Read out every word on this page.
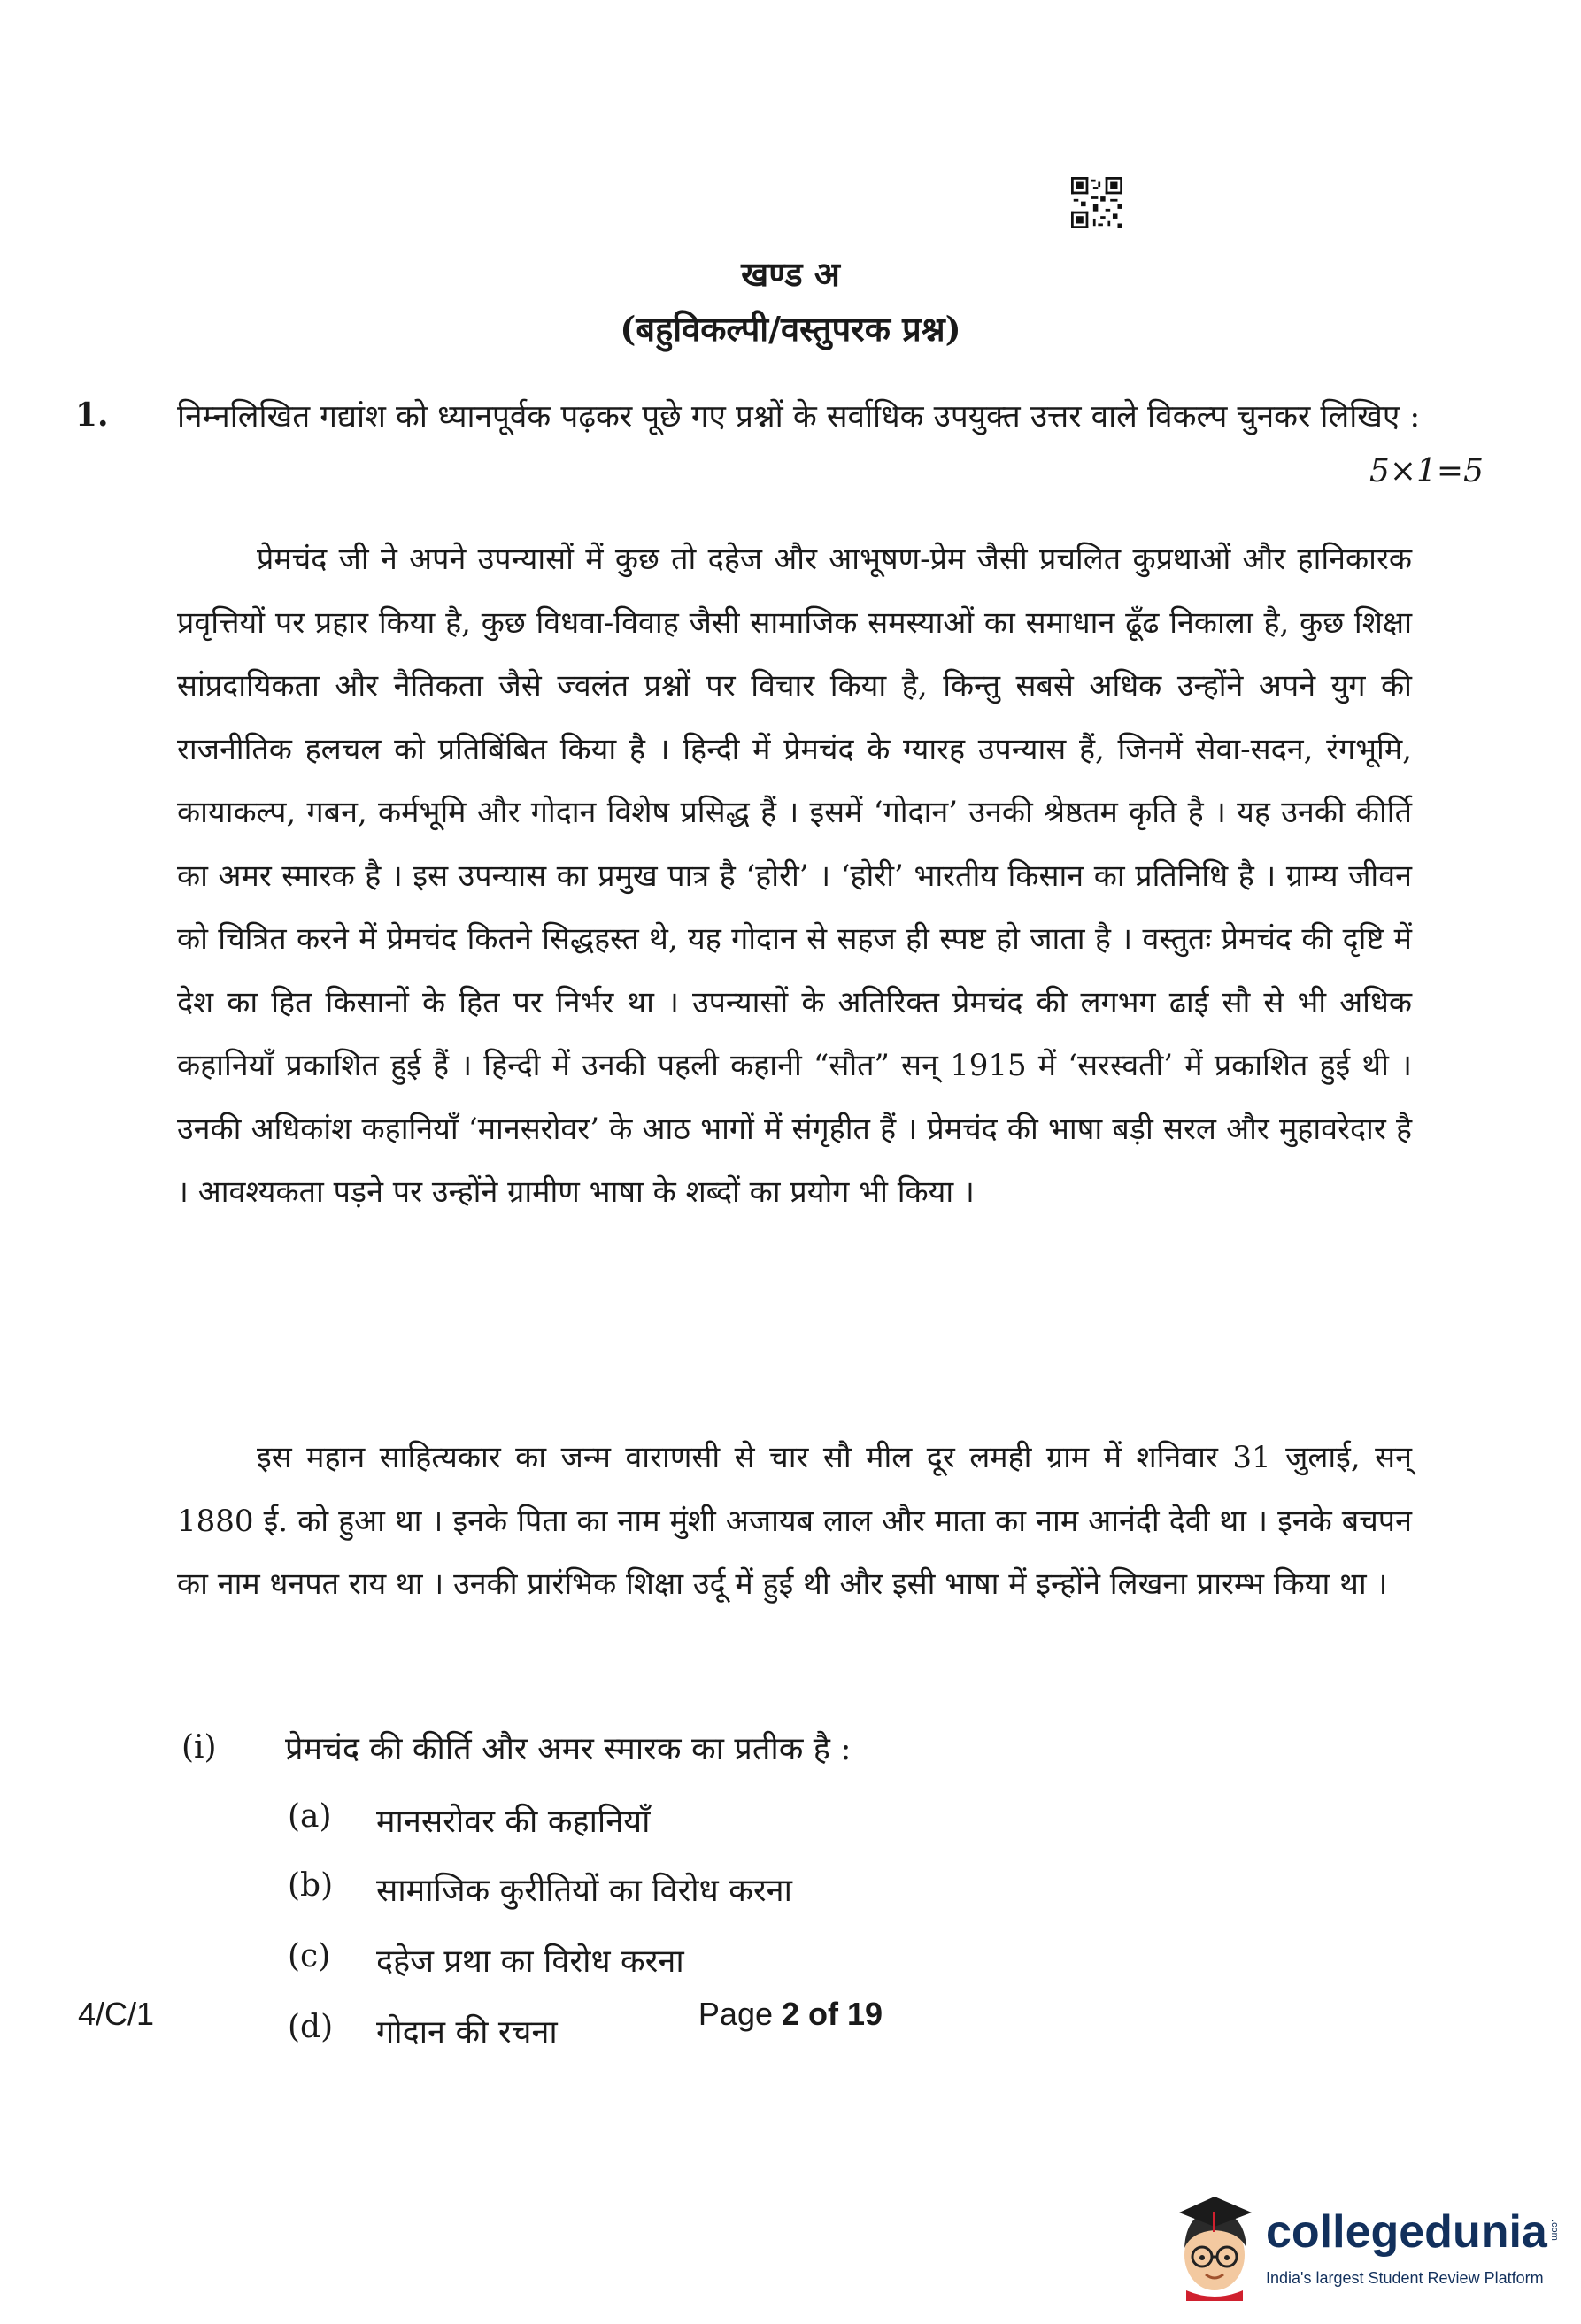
खण्ड अ
(बहुविकल्पी/वस्तुपरक प्रश्न)
1. निम्नलिखित गद्यांश को ध्यानपूर्वक पढ़कर पूछे गए प्रश्नों के सर्वाधिक उपयुक्त उत्तर वाले विकल्प चुनकर लिखिए :
5×1=5

प्रेमचंद जी ने अपने उपन्यासों में कुछ तो दहेज और आभूषण-प्रेम जैसी प्रचलित कुप्रथाओं और हानिकारक प्रवृत्तियों पर प्रहार किया है, कुछ विधवा-विवाह जैसी सामाजिक समस्याओं का समाधान ढूँढ निकाला है, कुछ शिक्षा सांप्रदायिकता और नैतिकता जैसे ज्वलंत प्रश्नों पर विचार किया है, किन्तु सबसे अधिक उन्होंने अपने युग की राजनीतिक हलचल को प्रतिबिंबित किया है । हिन्दी में प्रेमचंद के ग्यारह उपन्यास हैं, जिनमें सेवा-सदन, रंगभूमि, कायाकल्प, गबन, कर्मभूमि और गोदान विशेष प्रसिद्ध हैं । इसमें ‘गोदान’ उनकी श्रेष्ठतम कृति है । यह उनकी कीर्ति का अमर स्मारक है । इस उपन्यास का प्रमुख पात्र है ‘होरी’ । ‘होरी’ भारतीय किसान का प्रतिनिधि है । ग्राम्य जीवन को चित्रित करने में प्रेमचंद कितने सिद्धहस्त थे, यह गोदान से सहज ही स्पष्ट हो जाता है । वस्तुतः प्रेमचंद की दृष्टि में देश का हित किसानों के हित पर निर्भर था । उपन्यासों के अतिरिक्त प्रेमचंद की लगभग ढाई सौ से भी अधिक कहानियाँ प्रकाशित हुई हैं । हिन्दी में उनकी पहली कहानी “सौत” सन् 1915 में ‘सरस्वती’ में प्रकाशित हुई थी । उनकी अधिकांश कहानियाँ ‘मानसरोवर’ के आठ भागों में संगृहीत हैं । प्रेमचंद की भाषा बड़ी सरल और मुहावरेदार है । आवश्यकता पड़ने पर उन्होंने ग्रामीण भाषा के शब्दों का प्रयोग भी किया ।

इस महान साहित्यकार का जन्म वाराणसी से चार सौ मील दूर लमही ग्राम में शनिवार 31 जुलाई, सन् 1880 ई. को हुआ था । इनके पिता का नाम मुंशी अजायब लाल और माता का नाम आनंदी देवी था । इनके बचपन का नाम धनपत राय था । उनकी प्रारंभिक शिक्षा उर्दू में हुई थी और इसी भाषा में इन्होंने लिखना प्रारम्भ किया था ।

(i) प्रेमचंद की कीर्ति और अमर स्मारक का प्रतीक है :
(a) मानसरोवर की कहानियाँ
(b) सामाजिक कुरीतियों का विरोध करना
(c) दहेज प्रथा का विरोध करना
(d) गोदान की रचना
4/C/1	Page 2 of 19
collegedunia .com
India's largest Student Review Platform
